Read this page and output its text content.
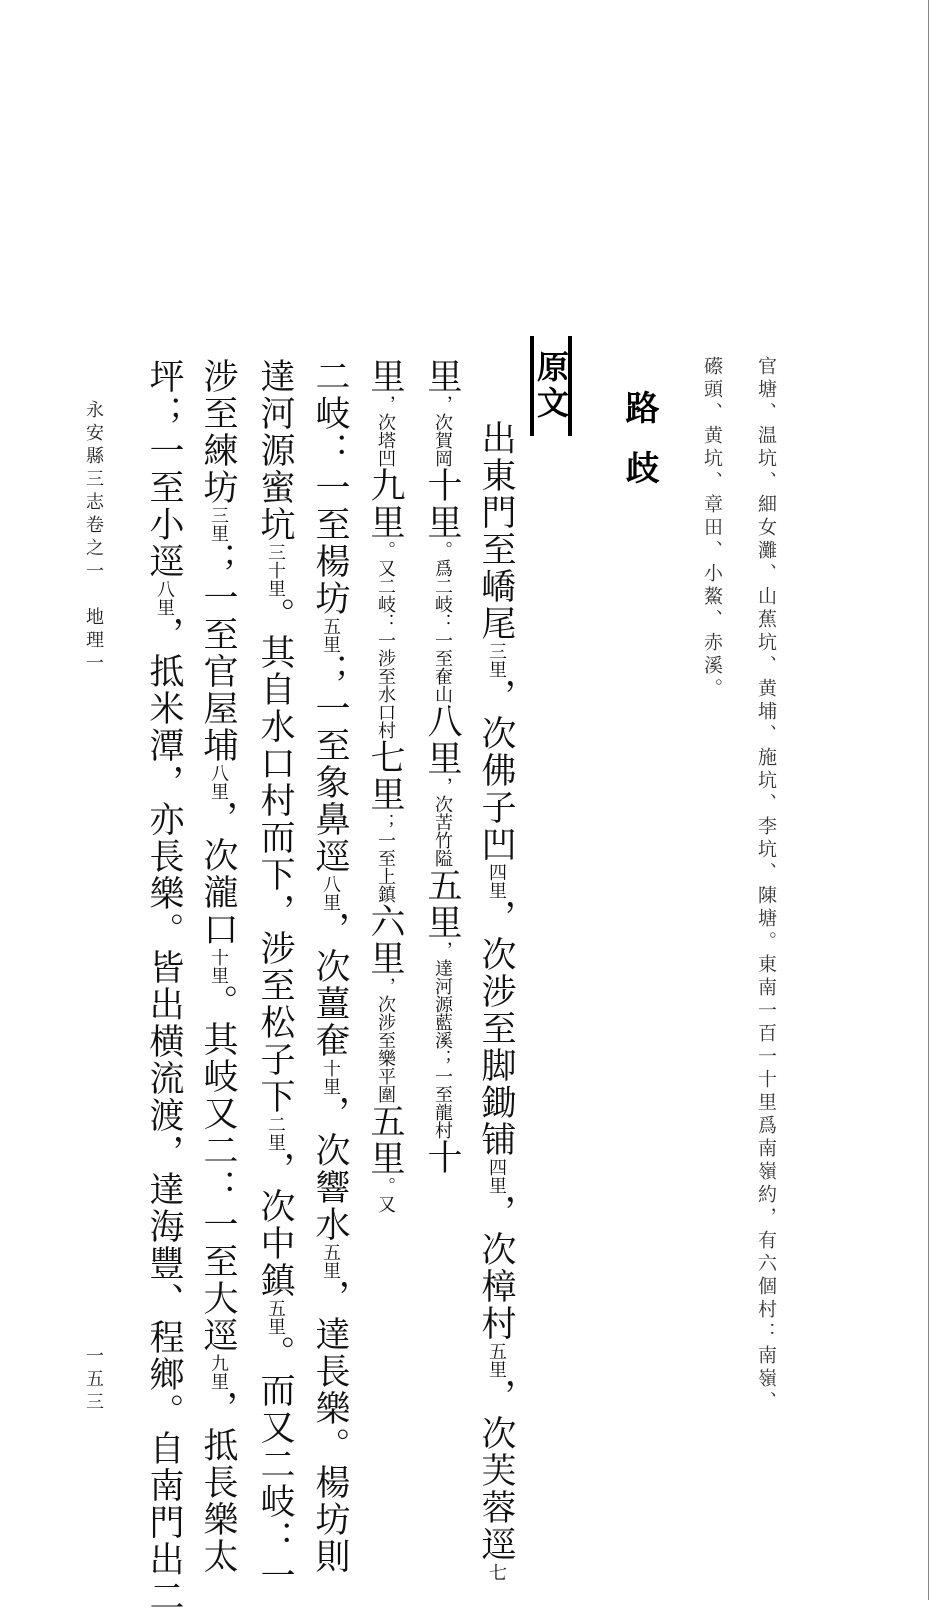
官塘、温坑、細女灘、山蕉坑、黄埔、施坑、李坑、陳塘。東南一百一十里爲南嶺約，有六個村：南嶺、
礤頭、黄坑、章田、小鰲、赤溪。
路歧
原文
出東門至嶠尾三里，次佛子凹四里，次涉至脚鋤铺四里，次樟村五里，次芙蓉逕七
里，次賀岡十里。爲二岐：一至奞山八里，次苦竹隘五里，達河源藍溪；一至龍村十
里，次塔凹九里。又二岐：一涉至水口村七里；一至上鎮六里，次涉至樂平圍五里。又
二岐：一至楊坊五里；一至象鼻逕八里，次薑奞十里，次響水五里，達長樂。楊坊則
達河源蜜坑三十里。其自水口村而下，涉至松子下二里，次中鎮五里。而又二岐：一
涉至練坊三里；一至官屋埔八里，次瀧口十里。其岐又二：一至大逕九里，抵長樂太
坪；一至小逕八里，抵米潭，亦長樂。皆出横流渡，達海豐、程鄉。自南門出二
永安縣三志卷之一　地理一
一五三
